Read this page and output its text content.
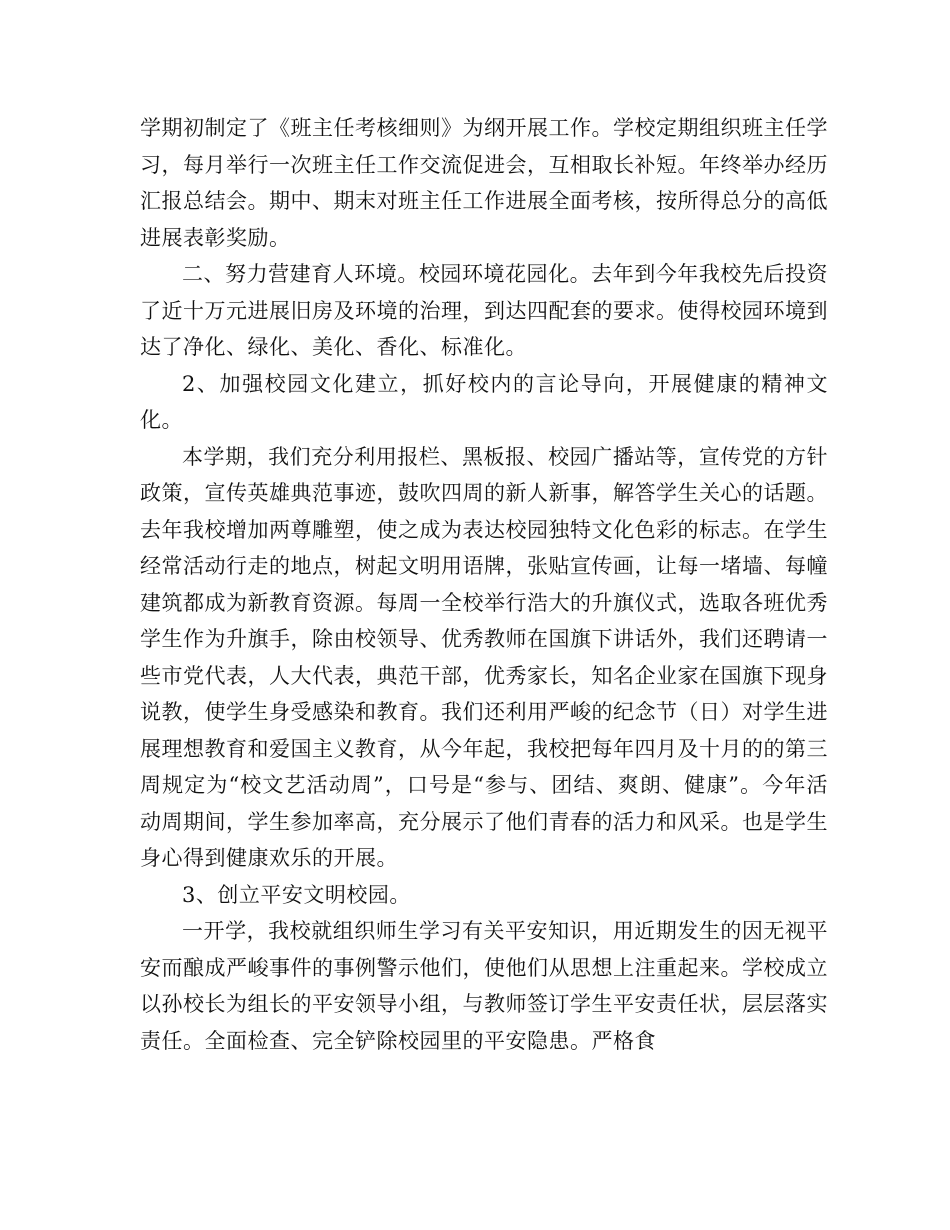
学期初制定了《班主任考核细则》为纲开展工作。学校定期组织班主任学习，每月举行一次班主任工作交流促进会，互相取长补短。年终举办经历汇报总结会。期中、期末对班主任工作进展全面考核，按所得总分的高低进展表彰奖励。

二、努力营建育人环境。校园环境花园化。去年到今年我校先后投资了近十万元进展旧房及环境的治理，到达四配套的要求。使得校园环境到达了净化、绿化、美化、香化、标准化。

2、加强校园文化建立，抓好校内的言论导向，开展健康的精神文化。

本学期，我们充分利用报栏、黑板报、校园广播站等，宣传党的方针政策，宣传英雄典范事迹，鼓吹四周的新人新事，解答学生关心的话题。去年我校增加两尊雕塑，使之成为表达校园独特文化色彩的标志。在学生经常活动行走的地点，树起文明用语牌，张贴宣传画，让每一堵墙、每幢建筑都成为新教育资源。每周一全校举行浩大的升旗仪式，选取各班优秀学生作为升旗手，除由校领导、优秀教师在国旗下讲话外，我们还聘请一些市党代表，人大代表，典范干部，优秀家长，知名企业家在国旗下现身说教，使学生身受感染和教育。我们还利用严峻的纪念节（日）对学生进展理想教育和爱国主义教育，从今年起，我校把每年四月及十月的的第三周规定为“校文艺活动周”，口号是“参与、团结、爽朗、健康”。今年活动周期间，学生参加率高，充分展示了他们青春的活力和风采。也是学生身心得到健康欢乐的开展。

3、创立平安文明校园。

一开学，我校就组织师生学习有关平安知识，用近期发生的因无视平安而酿成严峻事件的事例警示他们，使他们从思想上注重起来。学校成立以孙校长为组长的平安领导小组，与教师签订学生平安责任状，层层落实责任。全面检查、完全铲除校园里的平安隐患。严格食
